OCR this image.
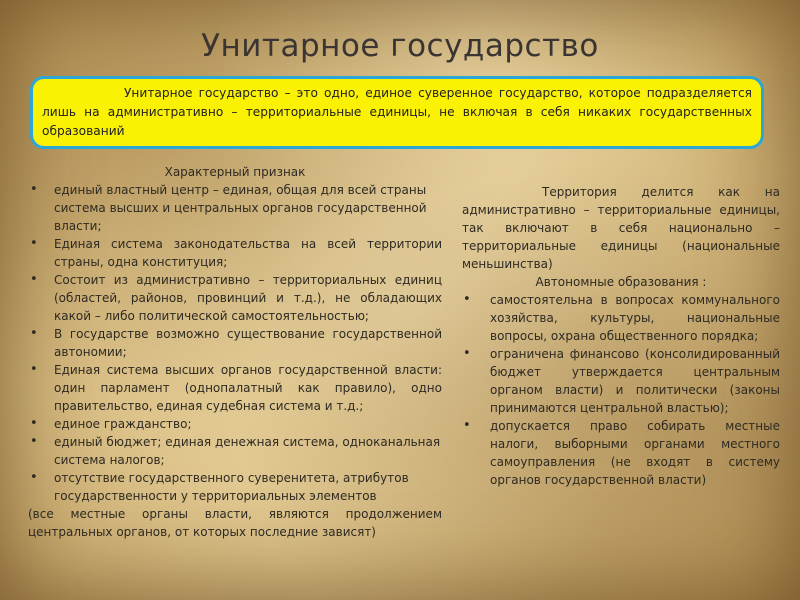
Унитарное государство
Унитарное государство – это одно, единое суверенное государство, которое подразделяется лишь на административно – территориальные единицы, не включая в себя никаких государственных образований
Характерный признак
• единый властный центр – единая, общая для всей страны система высших и центральных органов государственной власти;
• Единая система законодательства на всей территории страны, одна конституция;
• Состоит из административно – территориальных единиц (областей, районов, провинций и т.д.), не обладающих какой – либо политической самостоятельностью;
• В государстве возможно существование государственной автономии;
• Единая система высших органов государственной власти: один парламент (однопалатный как правило), одно правительство, единая судебная система и т.д.;
• единое гражданство;
• единый бюджет; единая денежная система, одноканальная система налогов;
• отсутствие государственного суверенитета, атрибутов государственности у территориальных элементов
(все местные органы власти, являются продолжением центральных органов, от которых последние зависят)
Территория делится как на административно – территориальные единицы, так включают в себя национально – территориальные единицы (национальные меньшинства)
Автономные образования :
• самостоятельна в вопросах коммунального хозяйства, культуры, национальные вопросы, охрана общественного порядка;
• ограничена финансово (консолидированный бюджет утверждается центральным органом власти) и политически (законы принимаются центральной властью);
• допускается право собирать местные налоги, выборными органами местного самоуправления (не входят в систему органов государственной власти)
